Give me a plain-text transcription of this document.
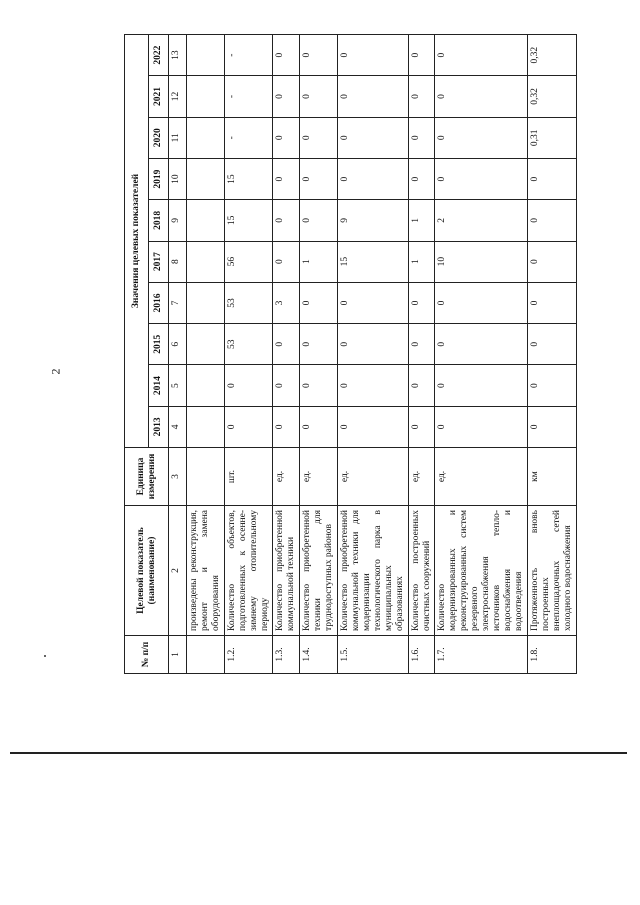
2
№ п/п	Целевой показатель (наименование)	Единица измерения	Значения целевых показателей									
			2013	2014	2015	2016	2017	2018	2019	2020	2021	2022
1	2	3	4	5	6	7	8	9	10	11	12	13
	произведены реконструкция, ремонт и замена оборудования											
1.2.	Количество объектов, подготовленных к осенне-зимнему отопительному периоду	шт.	0	0	53	53	56	15	15	-	-	-
1.3.	Количество приобретенной коммунальной техники	ед.	0	0	0	3	0	0	0	0	0	0
1.4.	Количество приобретенной техники для труднодоступных районов	ед.	0	0	0	0	1	0	0	0	0	0
1.5.	Количество приобретенной коммунальной техники для модернизации технологического парка в муниципальных образованиях	ед.	0	0	0	0	15	9	0	0	0	0
1.6.	Количество построенных очистных сооружений	ед.	0	0	0	0	1	1	0	0	0	0
1.7.	Количество модернизированных и реконструированных систем резервного электроснабжения источников тепло-водоснабжения и водоотведения	ед.	0	0	0	0	10	2	0	0	0	0
1.8.	Протяженность вновь построенных внеплощадочных сетей холодного водоснабжения	км	0	0	0	0	0	0	0	0,31	0,32	0,32
